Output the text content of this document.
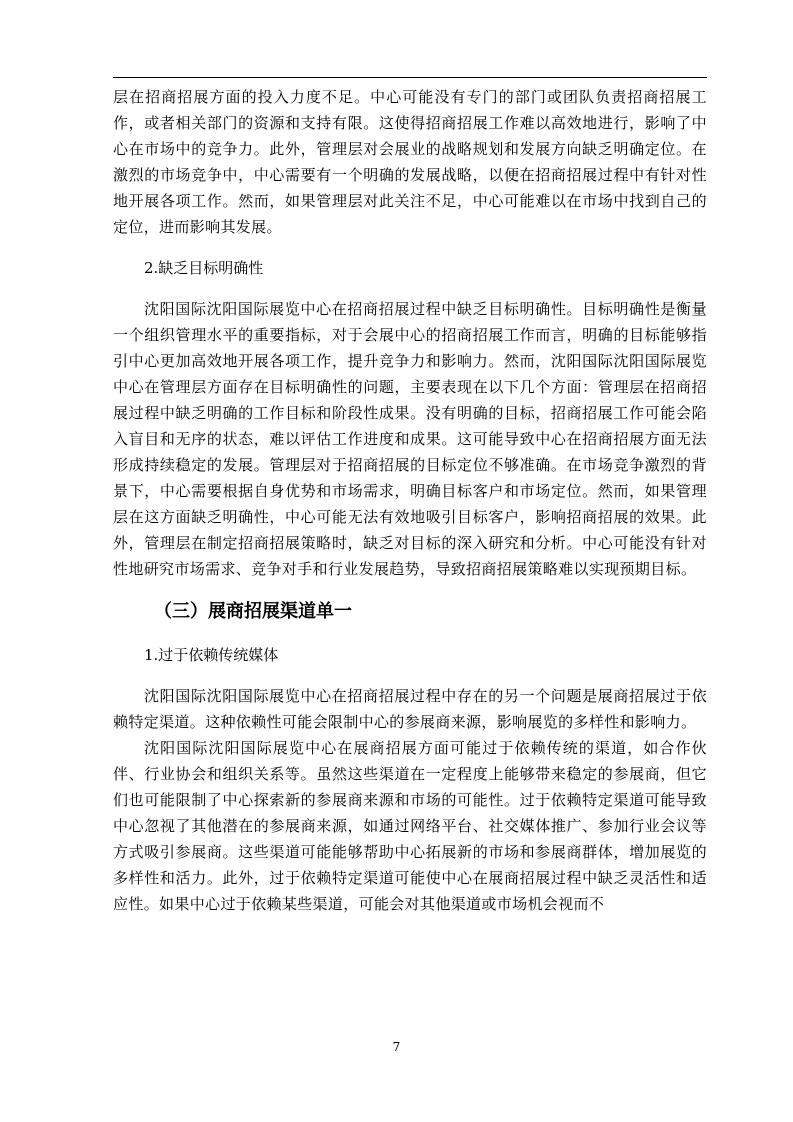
层在招商招展方面的投入力度不足。中心可能没有专门的部门或团队负责招商招展工作，或者相关部门的资源和支持有限。这使得招商招展工作难以高效地进行，影响了中心在市场中的竞争力。此外，管理层对会展业的战略规划和发展方向缺乏明确定位。在激烈的市场竞争中，中心需要有一个明确的发展战略，以便在招商招展过程中有针对性地开展各项工作。然而，如果管理层对此关注不足，中心可能难以在市场中找到自己的定位，进而影响其发展。

2.缺乏目标明确性

沈阳国际沈阳国际展览中心在招商招展过程中缺乏目标明确性。目标明确性是衡量一个组织管理水平的重要指标，对于会展中心的招商招展工作而言，明确的目标能够指引中心更加高效地开展各项工作，提升竞争力和影响力。然而，沈阳国际沈阳国际展览中心在管理层方面存在目标明确性的问题，主要表现在以下几个方面：管理层在招商招展过程中缺乏明确的工作目标和阶段性成果。没有明确的目标，招商招展工作可能会陷入盲目和无序的状态，难以评估工作进度和成果。这可能导致中心在招商招展方面无法形成持续稳定的发展。管理层对于招商招展的目标定位不够准确。在市场竞争激烈的背景下，中心需要根据自身优势和市场需求，明确目标客户和市场定位。然而，如果管理层在这方面缺乏明确性，中心可能无法有效地吸引目标客户，影响招商招展的效果。此外，管理层在制定招商招展策略时，缺乏对目标的深入研究和分析。中心可能没有针对性地研究市场需求、竞争对手和行业发展趋势，导致招商招展策略难以实现预期目标。

（三）展商招展渠道单一

1.过于依赖传统媒体

沈阳国际沈阳国际展览中心在招商招展过程中存在的另一个问题是展商招展过于依赖特定渠道。这种依赖性可能会限制中心的参展商来源，影响展览的多样性和影响力。

沈阳国际沈阳国际展览中心在展商招展方面可能过于依赖传统的渠道，如合作伙伴、行业协会和组织关系等。虽然这些渠道在一定程度上能够带来稳定的参展商，但它们也可能限制了中心探索新的参展商来源和市场的可能性。过于依赖特定渠道可能导致中心忽视了其他潜在的参展商来源，如通过网络平台、社交媒体推广、参加行业会议等方式吸引参展商。这些渠道可能能够帮助中心拓展新的市场和参展商群体，增加展览的多样性和活力。此外，过于依赖特定渠道可能使中心在展商招展过程中缺乏灵活性和适应性。如果中心过于依赖某些渠道，可能会对其他渠道或市场机会视而不

7
